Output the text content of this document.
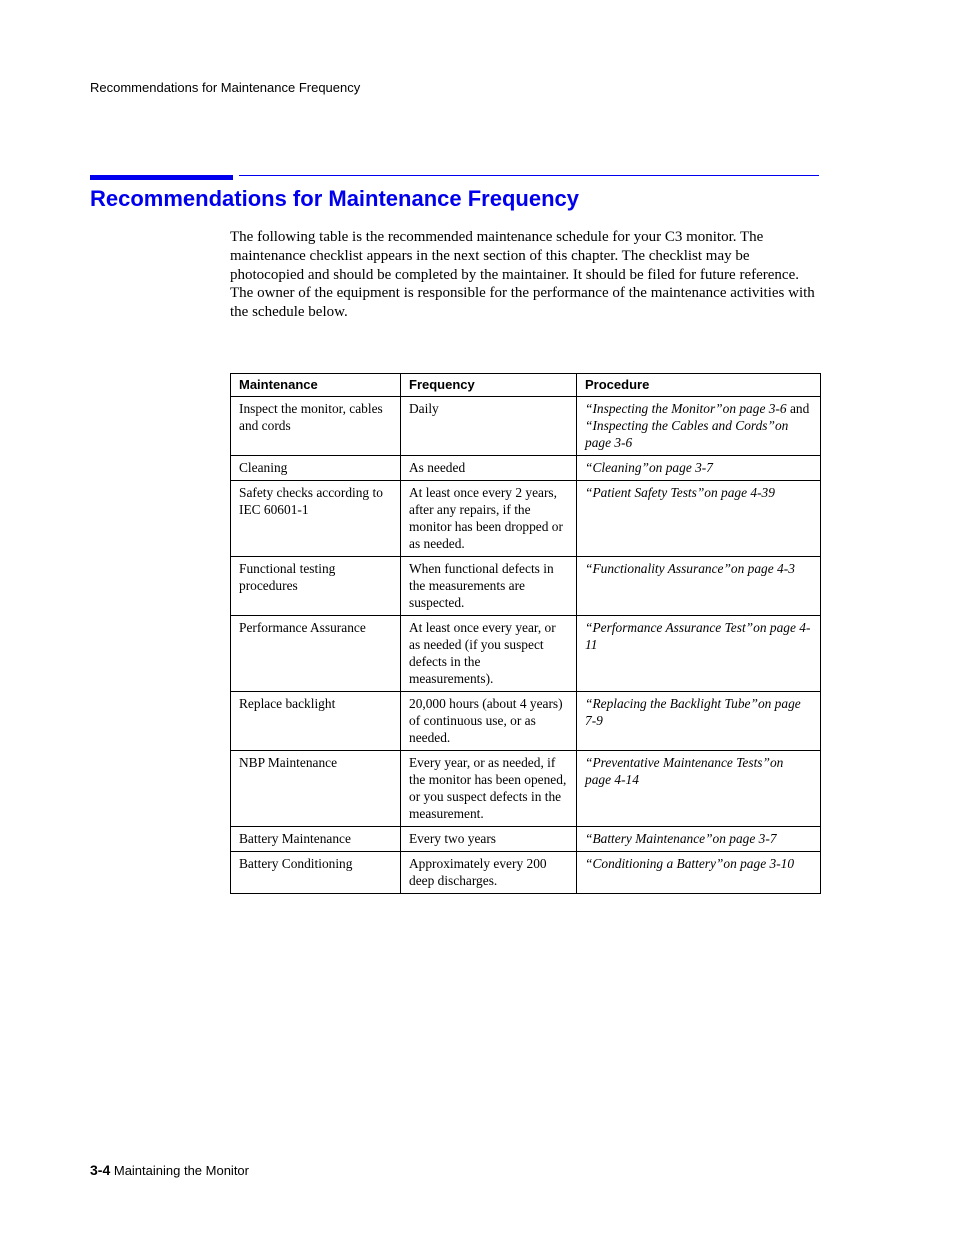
Recommendations for Maintenance Frequency
Recommendations for Maintenance Frequency

The following table is the recommended maintenance schedule for your C3 monitor. The maintenance checklist appears in the next section of this chapter. The checklist may be photocopied and should be completed by the maintainer. It should be filed for future reference. The owner of the equipment is responsible for the performance of the maintenance activities with the schedule below.

Maintenance	Frequency	Procedure
Inspect the monitor, cables and cords	Daily	“Inspecting the Monitor”on page 3-6 and “Inspecting the Cables and Cords”on page 3-6
Cleaning	As needed	“Cleaning”on page 3-7
Safety checks according to IEC 60601-1	At least once every 2 years, after any repairs, if the monitor has been dropped or as needed.	“Patient Safety Tests”on page 4-39
Functional testing procedures	When functional defects in the measurements are suspected.	“Functionality Assurance”on page 4-3
Performance Assurance	At least once every year, or as needed (if you suspect defects in the measurements).	“Performance Assurance Test”on page 4-11
Replace backlight	20,000 hours (about 4 years) of continuous use, or as needed.	“Replacing the Backlight Tube”on page 7-9
NBP Maintenance	Every year, or as needed, if the monitor has been opened, or you suspect defects in the measurement.	“Preventative Maintenance Tests”on page 4-14
Battery Maintenance	Every two years	“Battery Maintenance”on page 3-7
Battery Conditioning	Approximately every 200 deep discharges.	“Conditioning a Battery”on page 3-10
3-4 Maintaining the Monitor
